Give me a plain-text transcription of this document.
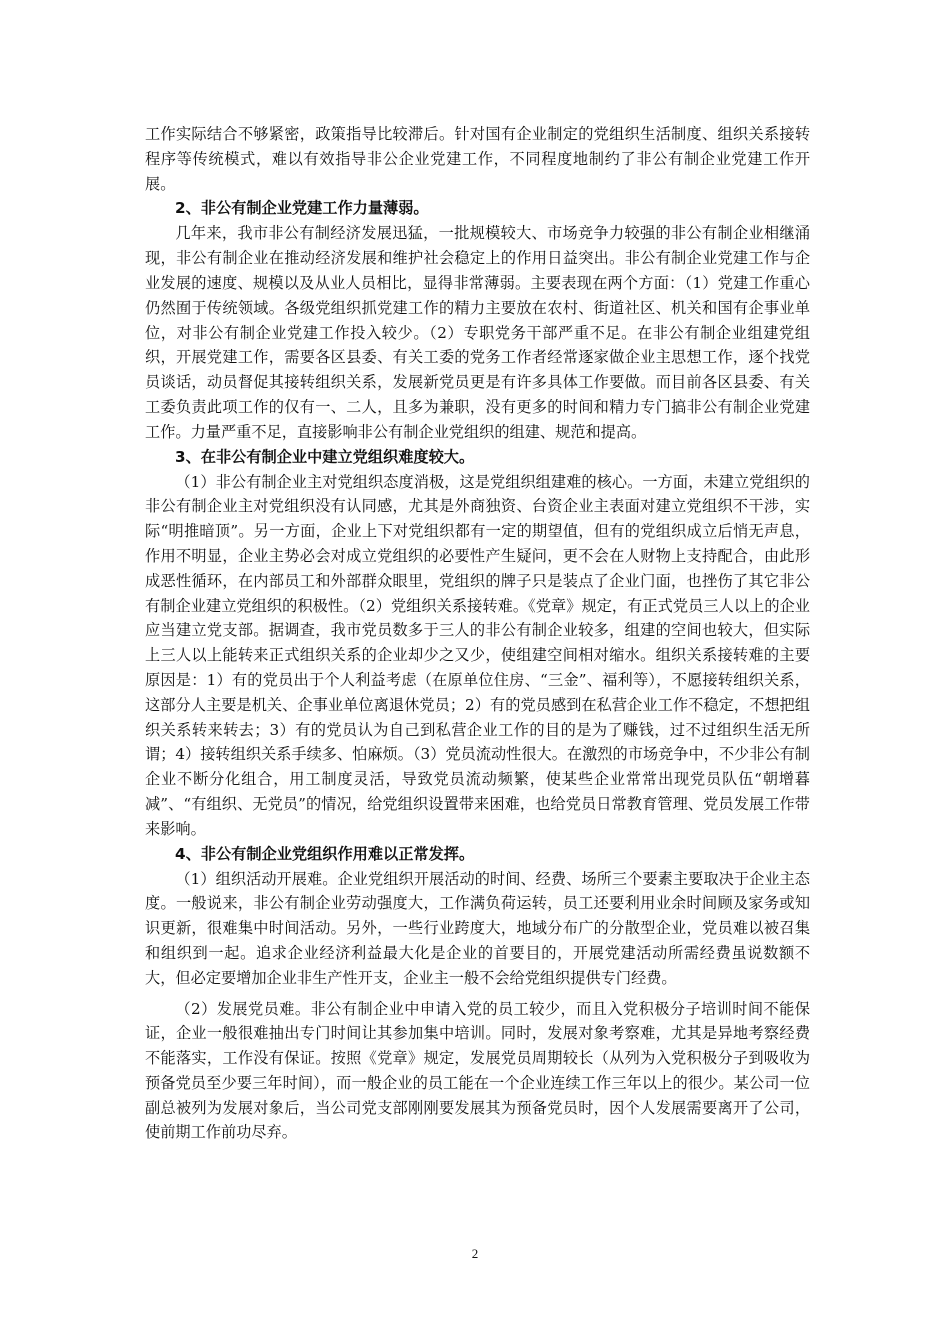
工作实际结合不够紧密，政策指导比较滞后。针对国有企业制定的党组织生活制度、组织关系接转程序等传统模式，难以有效指导非公企业党建工作，不同程度地制约了非公有制企业党建工作开展。

2、非公有制企业党建工作力量薄弱。

几年来，我市非公有制经济发展迅猛，一批规模较大、市场竞争力较强的非公有制企业相继涌现，非公有制企业在推动经济发展和维护社会稳定上的作用日益突出。非公有制企业党建工作与企业发展的速度、规模以及从业人员相比，显得非常薄弱。主要表现在两个方面：（1）党建工作重心仍然囿于传统领域。各级党组织抓党建工作的精力主要放在农村、街道社区、机关和国有企事业单位，对非公有制企业党建工作投入较少。（2）专职党务干部严重不足。在非公有制企业组建党组织，开展党建工作，需要各区县委、有关工委的党务工作者经常逐家做企业主思想工作，逐个找党员谈话，动员督促其接转组织关系，发展新党员更是有许多具体工作要做。而目前各区县委、有关工委负责此项工作的仅有一、二人，且多为兼职，没有更多的时间和精力专门搞非公有制企业党建工作。力量严重不足，直接影响非公有制企业党组织的组建、规范和提高。

3、在非公有制企业中建立党组织难度较大。

（1）非公有制企业主对党组织态度消极，这是党组织组建难的核心。一方面，未建立党组织的非公有制企业主对党组织没有认同感，尤其是外商独资、台资企业主表面对建立党组织不干涉，实际“明推暗顶”。另一方面，企业上下对党组织都有一定的期望值，但有的党组织成立后悄无声息，作用不明显，企业主势必会对成立党组织的必要性产生疑问，更不会在人财物上支持配合，由此形成恶性循环，在内部员工和外部群众眼里，党组织的牌子只是装点了企业门面，也挫伤了其它非公有制企业建立党组织的积极性。（2）党组织关系接转难。《党章》规定，有正式党员三人以上的企业应当建立党支部。据调查，我市党员数多于三人的非公有制企业较多，组建的空间也较大，但实际上三人以上能转来正式组织关系的企业却少之又少，使组建空间相对缩水。组织关系接转难的主要原因是：1）有的党员出于个人利益考虑（在原单位住房、“三金”、福利等），不愿接转组织关系，这部分人主要是机关、企事业单位离退休党员；2）有的党员感到在私营企业工作不稳定，不想把组织关系转来转去；3）有的党员认为自己到私营企业工作的目的是为了赚钱，过不过组织生活无所谓；4）接转组织关系手续多、怕麻烦。（3）党员流动性很大。在激烈的市场竞争中，不少非公有制企业不断分化组合，用工制度灵活，导致党员流动频繁，使某些企业常常出现党员队伍“朝增暮减”、“有组织、无党员”的情况，给党组织设置带来困难，也给党员日常教育管理、党员发展工作带来影响。

4、非公有制企业党组织作用难以正常发挥。

（1）组织活动开展难。企业党组织开展活动的时间、经费、场所三个要素主要取决于企业主态度。一般说来，非公有制企业劳动强度大，工作满负荷运转，员工还要利用业余时间顾及家务或知识更新，很难集中时间活动。另外，一些行业跨度大，地域分布广的分散型企业，党员难以被召集和组织到一起。追求企业经济利益最大化是企业的首要目的，开展党建活动所需经费虽说数额不大，但必定要增加企业非生产性开支，企业主一般不会给党组织提供专门经费。

（2）发展党员难。非公有制企业中申请入党的员工较少，而且入党积极分子培训时间不能保证，企业一般很难抽出专门时间让其参加集中培训。同时，发展对象考察难，尤其是异地考察经费不能落实，工作没有保证。按照《党章》规定，发展党员周期较长（从列为入党积极分子到吸收为预备党员至少要三年时间），而一般企业的员工能在一个企业连续工作三年以上的很少。某公司一位副总被列为发展对象后，当公司党支部刚刚要发展其为预备党员时，因个人发展需要离开了公司，使前期工作前功尽弃。

2
